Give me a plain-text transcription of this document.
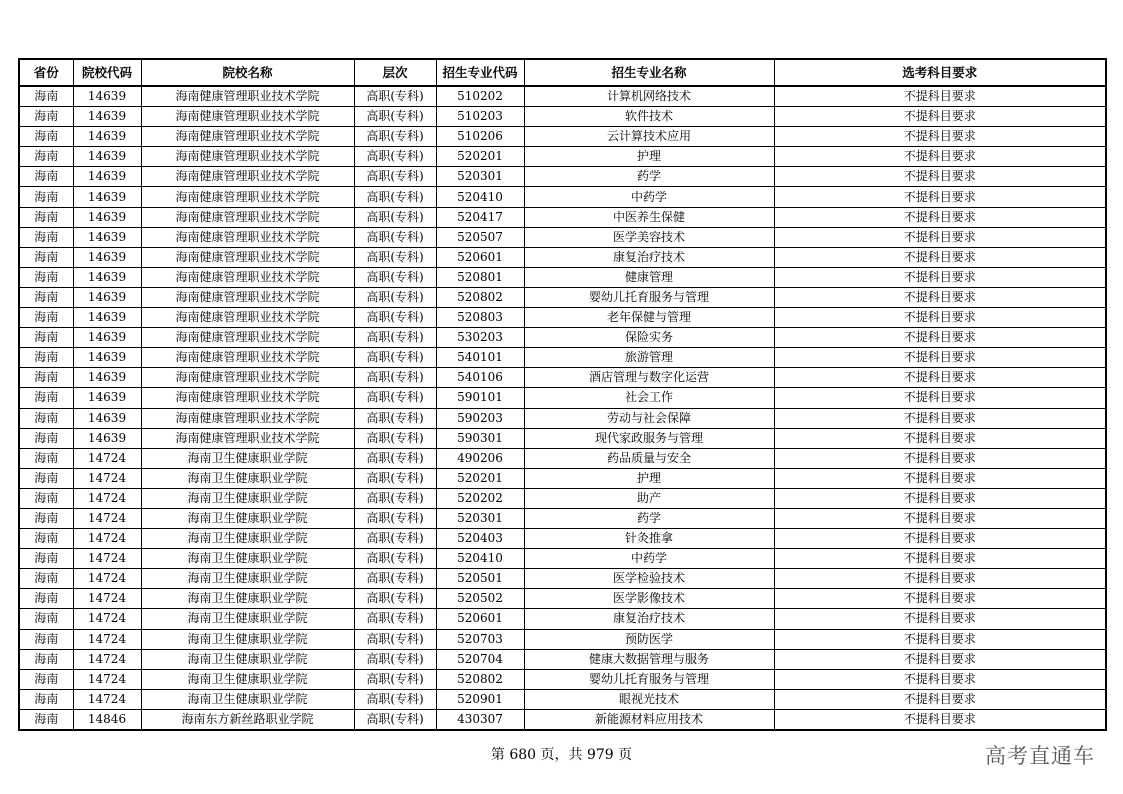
省份	院校代码	院校名称	层次	招生专业代码	招生专业名称	选考科目要求
海南	14639	海南健康管理职业技术学院	高职(专科)	510202	计算机网络技术	不提科目要求
海南	14639	海南健康管理职业技术学院	高职(专科)	510203	软件技术	不提科目要求
海南	14639	海南健康管理职业技术学院	高职(专科)	510206	云计算技术应用	不提科目要求
海南	14639	海南健康管理职业技术学院	高职(专科)	520201	护理	不提科目要求
海南	14639	海南健康管理职业技术学院	高职(专科)	520301	药学	不提科目要求
海南	14639	海南健康管理职业技术学院	高职(专科)	520410	中药学	不提科目要求
海南	14639	海南健康管理职业技术学院	高职(专科)	520417	中医养生保健	不提科目要求
海南	14639	海南健康管理职业技术学院	高职(专科)	520507	医学美容技术	不提科目要求
海南	14639	海南健康管理职业技术学院	高职(专科)	520601	康复治疗技术	不提科目要求
海南	14639	海南健康管理职业技术学院	高职(专科)	520801	健康管理	不提科目要求
海南	14639	海南健康管理职业技术学院	高职(专科)	520802	婴幼儿托育服务与管理	不提科目要求
海南	14639	海南健康管理职业技术学院	高职(专科)	520803	老年保健与管理	不提科目要求
海南	14639	海南健康管理职业技术学院	高职(专科)	530203	保险实务	不提科目要求
海南	14639	海南健康管理职业技术学院	高职(专科)	540101	旅游管理	不提科目要求
海南	14639	海南健康管理职业技术学院	高职(专科)	540106	酒店管理与数字化运营	不提科目要求
海南	14639	海南健康管理职业技术学院	高职(专科)	590101	社会工作	不提科目要求
海南	14639	海南健康管理职业技术学院	高职(专科)	590203	劳动与社会保障	不提科目要求
海南	14639	海南健康管理职业技术学院	高职(专科)	590301	现代家政服务与管理	不提科目要求
海南	14724	海南卫生健康职业学院	高职(专科)	490206	药品质量与安全	不提科目要求
海南	14724	海南卫生健康职业学院	高职(专科)	520201	护理	不提科目要求
海南	14724	海南卫生健康职业学院	高职(专科)	520202	助产	不提科目要求
海南	14724	海南卫生健康职业学院	高职(专科)	520301	药学	不提科目要求
海南	14724	海南卫生健康职业学院	高职(专科)	520403	针灸推拿	不提科目要求
海南	14724	海南卫生健康职业学院	高职(专科)	520410	中药学	不提科目要求
海南	14724	海南卫生健康职业学院	高职(专科)	520501	医学检验技术	不提科目要求
海南	14724	海南卫生健康职业学院	高职(专科)	520502	医学影像技术	不提科目要求
海南	14724	海南卫生健康职业学院	高职(专科)	520601	康复治疗技术	不提科目要求
海南	14724	海南卫生健康职业学院	高职(专科)	520703	预防医学	不提科目要求
海南	14724	海南卫生健康职业学院	高职(专科)	520704	健康大数据管理与服务	不提科目要求
海南	14724	海南卫生健康职业学院	高职(专科)	520802	婴幼儿托育服务与管理	不提科目要求
海南	14724	海南卫生健康职业学院	高职(专科)	520901	眼视光技术	不提科目要求
海南	14846	海南东方新丝路职业学院	高职(专科)	430307	新能源材料应用技术	不提科目要求
第 680 页，共 979 页	高考直通车
